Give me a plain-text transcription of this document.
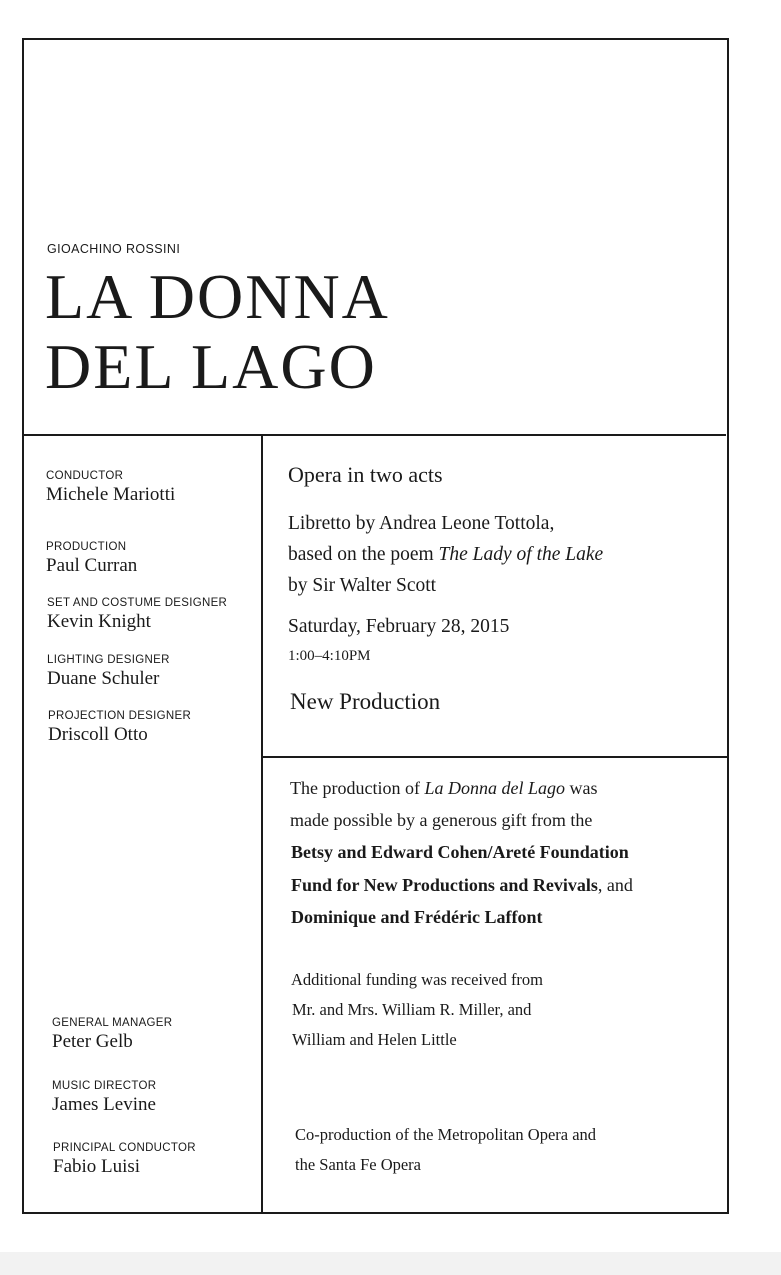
GIOACHINO ROSSINI
LA DONNA
DEL LAGO
CONDUCTOR
Michele Mariotti
PRODUCTION
Paul Curran
SET AND COSTUME DESIGNER
Kevin Knight
LIGHTING DESIGNER
Duane Schuler
PROJECTION DESIGNER
Driscoll Otto
GENERAL MANAGER
Peter Gelb
MUSIC DIRECTOR
James Levine
PRINCIPAL CONDUCTOR
Fabio Luisi
Opera in two acts
Libretto by Andrea Leone Tottola,
based on the poem The Lady of the Lake
by Sir Walter Scott
Saturday, February 28, 2015
1:00–4:10PM
New Production
The production of La Donna del Lago was
made possible by a generous gift from the
Betsy and Edward Cohen/Areté Foundation
Fund for New Productions and Revivals, and
Dominique and Frédéric Laffont
Additional funding was received from
Mr. and Mrs. William R. Miller, and
William and Helen Little
Co-production of the Metropolitan Opera and
the Santa Fe Opera
